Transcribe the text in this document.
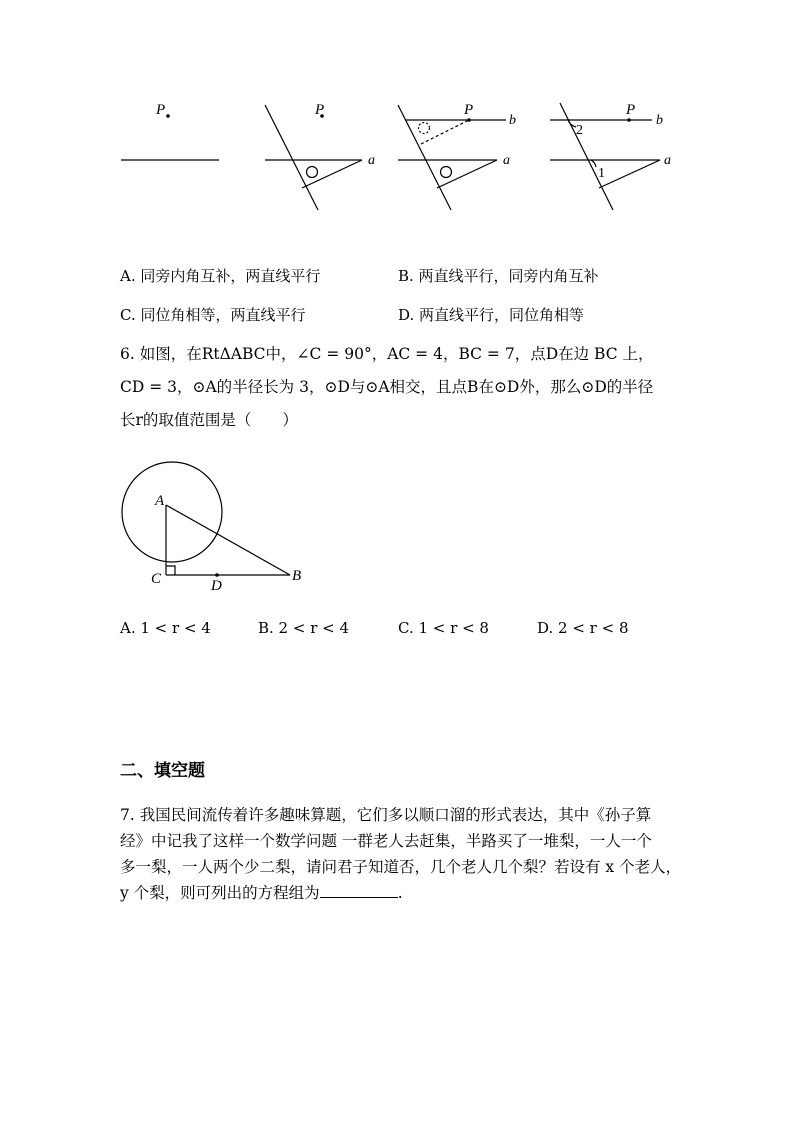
P	P
a
P
b
a
P
b
a
2
1
A. 同旁内角互补，两直线平行	B. 两直线平行，同旁内角互补
C. 同位角相等，两直线平行	D. 两直线平行，同位角相等
6. 如图，在RtΔABC中，∠C = 90°，AC = 4，BC = 7，点D在边 BC 上，
CD = 3，⊙A的半径长为 3，⊙D与⊙A相交，且点B在⊙D外，那么⊙D的半径
长r的取值范围是（　　）
A
C	D
B
A. 1 < r < 4	B. 2 < r < 4	C. 1 < r < 8	D. 2 < r < 8
二、填空题
7. 我国民间流传着许多趣味算题，它们多以顺口溜的形式表达，其中《孙子算
经》中记我了这样一个数学问题 一群老人去赶集，半路买了一堆梨，一人一个
多一梨，一人两个少二梨，请问君子知道否，几个老人几个梨？若设有 x 个老人，
y 个梨，则可列出的方程组为	.
